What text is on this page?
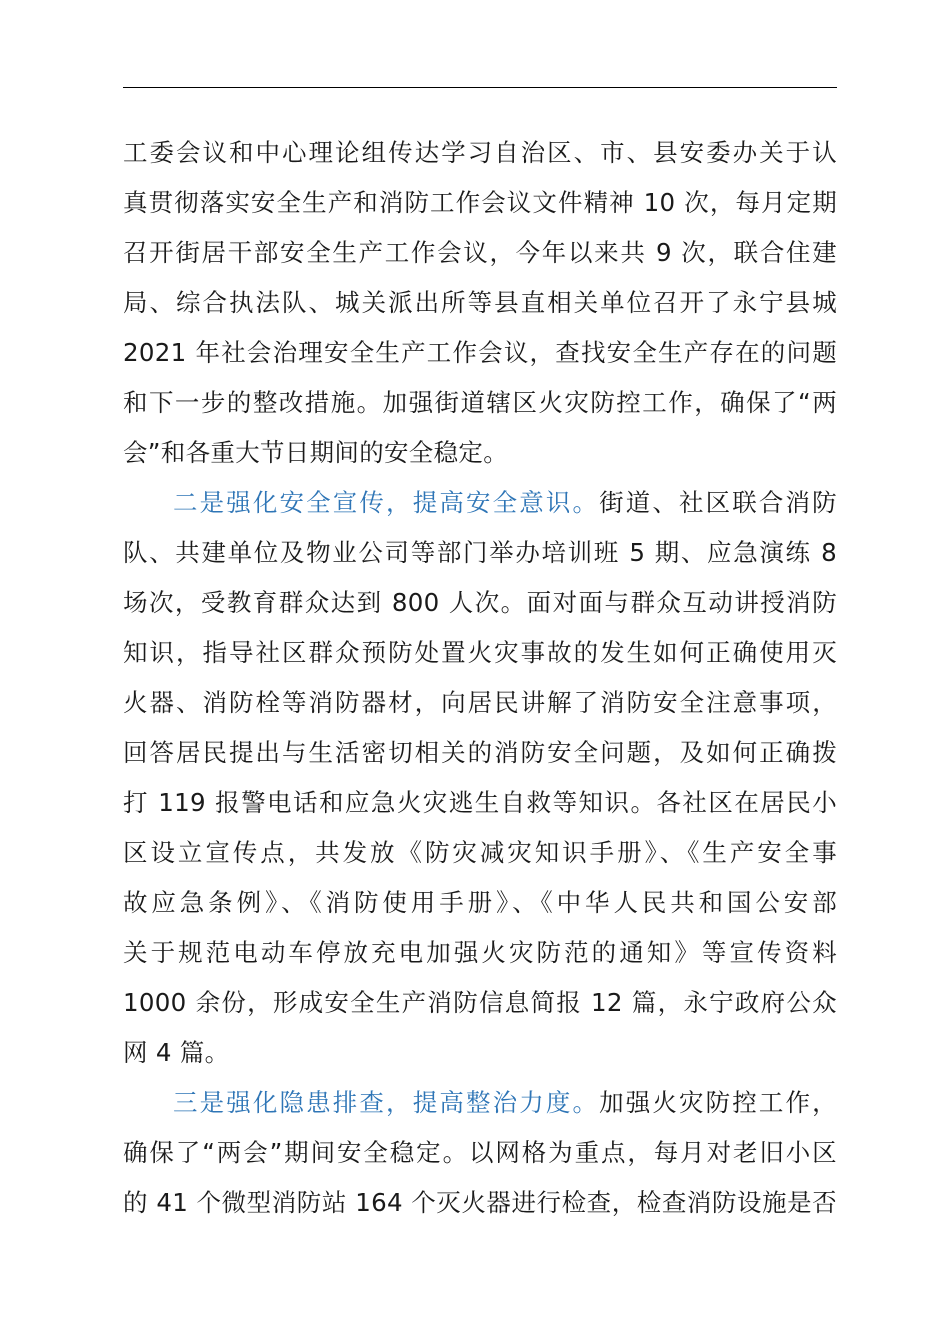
工委会议和中心理论组传达学习自治区、市、县安委办关于认
真贯彻落实安全生产和消防工作会议文件精神 10 次，每月定期
召开街居干部安全生产工作会议，今年以来共 9 次，联合住建
局、综合执法队、城关派出所等县直相关单位召开了永宁县城
2021 年社会治理安全生产工作会议，查找安全生产存在的问题
和下一步的整改措施。加强街道辖区火灾防控工作，确保了“两
会”和各重大节日期间的安全稳定。
二是强化安全宣传，提高安全意识。街道、社区联合消防
队、共建单位及物业公司等部门举办培训班 5 期、应急演练 8
场次，受教育群众达到 800 人次。面对面与群众互动讲授消防
知识，指导社区群众预防处置火灾事故的发生如何正确使用灭
火器、消防栓等消防器材，向居民讲解了消防安全注意事项，
回答居民提出与生活密切相关的消防安全问题，及如何正确拨
打 119 报警电话和应急火灾逃生自救等知识。各社区在居民小
区设立宣传点，共发放《防灾减灾知识手册》、《生产安全事
故应急条例》、《消防使用手册》、《中华人民共和国公安部
关于规范电动车停放充电加强火灾防范的通知》等宣传资料
1000 余份，形成安全生产消防信息简报 12 篇，永宁政府公众
网 4 篇。
三是强化隐患排查，提高整治力度。加强火灾防控工作，
确保了“两会”期间安全稳定。以网格为重点，每月对老旧小区
的 41 个微型消防站 164 个灭火器进行检查，检查消防设施是否
